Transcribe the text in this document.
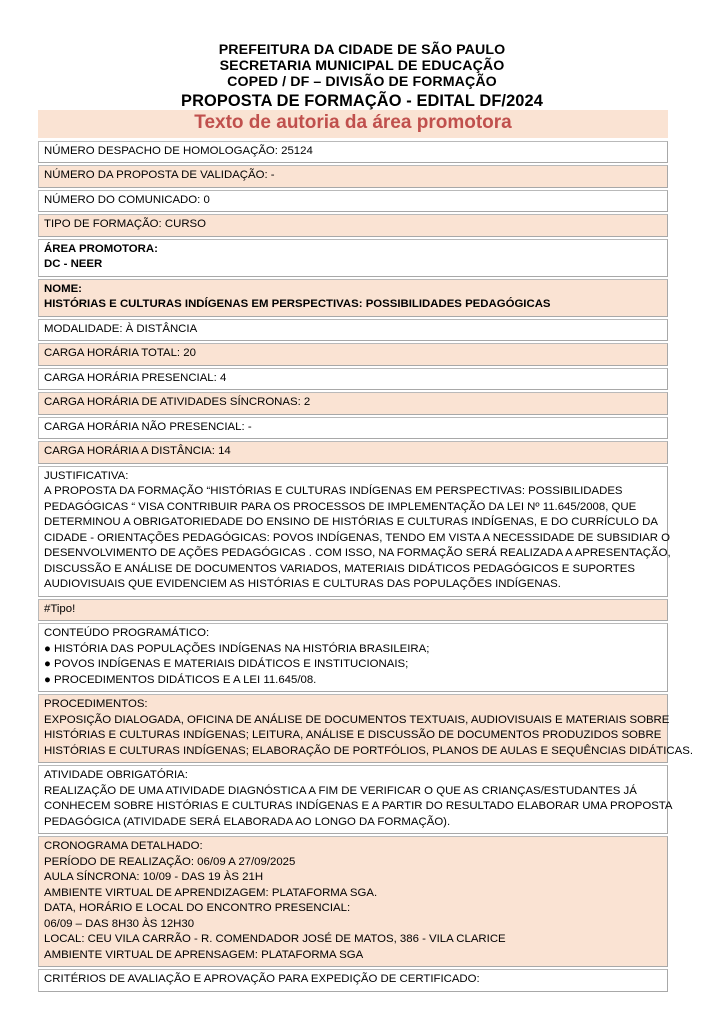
PREFEITURA DA CIDADE DE SÃO PAULO
SECRETARIA MUNICIPAL DE EDUCAÇÃO
COPED / DF – DIVISÃO DE FORMAÇÃO
PROPOSTA DE FORMAÇÃO - EDITAL DF/2024
Texto de autoria da área promotora
NÚMERO DESPACHO DE HOMOLOGAÇÃO: 25124
NÚMERO DA PROPOSTA DE VALIDAÇÃO: -
NÚMERO DO COMUNICADO: 0
TIPO DE FORMAÇÃO: CURSO
ÁREA PROMOTORA:
DC - NEER
NOME:
HISTÓRIAS E CULTURAS INDÍGENAS EM PERSPECTIVAS: POSSIBILIDADES PEDAGÓGICAS
MODALIDADE: À DISTÂNCIA
CARGA HORÁRIA TOTAL: 20
CARGA HORÁRIA PRESENCIAL: 4
CARGA HORÁRIA DE ATIVIDADES SÍNCRONAS: 2
CARGA HORÁRIA NÃO PRESENCIAL: -
CARGA HORÁRIA A DISTÂNCIA: 14
JUSTIFICATIVA:
A PROPOSTA DA FORMAÇÃO “HISTÓRIAS E CULTURAS INDÍGENAS EM PERSPECTIVAS: POSSIBILIDADES
PEDAGÓGICAS “ VISA CONTRIBUIR PARA OS PROCESSOS DE IMPLEMENTAÇÃO DA LEI Nº 11.645/2008, QUE
DETERMINOU A OBRIGATORIEDADE DO ENSINO DE HISTÓRIAS E CULTURAS INDÍGENAS, E DO CURRÍCULO DA
CIDADE - ORIENTAÇÕES PEDAGÓGICAS: POVOS INDÍGENAS, TENDO EM VISTA A NECESSIDADE DE SUBSIDIAR O
DESENVOLVIMENTO DE AÇÕES PEDAGÓGICAS . COM ISSO, NA FORMAÇÃO SERÁ REALIZADA A APRESENTAÇÃO,
DISCUSSÃO E ANÁLISE DE DOCUMENTOS VARIADOS, MATERIAIS DIDÁTICOS PEDAGÓGICOS E SUPORTES
AUDIOVISUAIS QUE EVIDENCIEM AS HISTÓRIAS E CULTURAS DAS POPULAÇÕES INDÍGENAS.
#Tipo!
CONTEÚDO PROGRAMÁTICO:
● HISTÓRIA DAS POPULAÇÕES INDÍGENAS NA HISTÓRIA BRASILEIRA;
● POVOS INDÍGENAS E MATERIAIS DIDÁTICOS E INSTITUCIONAIS;
● PROCEDIMENTOS DIDÁTICOS E A LEI 11.645/08.
PROCEDIMENTOS:
EXPOSIÇÃO DIALOGADA, OFICINA DE ANÁLISE DE DOCUMENTOS TEXTUAIS, AUDIOVISUAIS E MATERIAIS SOBRE
HISTÓRIAS E CULTURAS INDÍGENAS; LEITURA, ANÁLISE E DISCUSSÃO DE DOCUMENTOS PRODUZIDOS SOBRE
HISTÓRIAS E CULTURAS INDÍGENAS; ELABORAÇÃO DE PORTFÓLIOS, PLANOS DE AULAS E SEQUÊNCIAS DIDÁTICAS.
ATIVIDADE OBRIGATÓRIA:
REALIZAÇÃO DE UMA ATIVIDADE DIAGNÓSTICA A FIM DE VERIFICAR O QUE AS CRIANÇAS/ESTUDANTES JÁ
CONHECEM SOBRE HISTÓRIAS E CULTURAS INDÍGENAS E A PARTIR DO RESULTADO ELABORAR UMA PROPOSTA
PEDAGÓGICA (ATIVIDADE SERÁ ELABORADA AO LONGO DA FORMAÇÃO).
CRONOGRAMA DETALHADO:
PERÍODO DE REALIZAÇÃO: 06/09 A 27/09/2025
AULA SÍNCRONA: 10/09 - DAS 19 ÀS 21H
AMBIENTE VIRTUAL DE APRENDIZAGEM: PLATAFORMA SGA.
DATA, HORÁRIO E LOCAL DO ENCONTRO PRESENCIAL:
06/09 – DAS 8H30 ÀS 12H30
LOCAL: CEU VILA CARRÃO - R. COMENDADOR JOSÉ DE MATOS, 386 - VILA CLARICE
AMBIENTE VIRTUAL DE APRENSAGEM: PLATAFORMA SGA
CRITÉRIOS DE AVALIAÇÃO E APROVAÇÃO PARA EXPEDIÇÃO DE CERTIFICADO:
